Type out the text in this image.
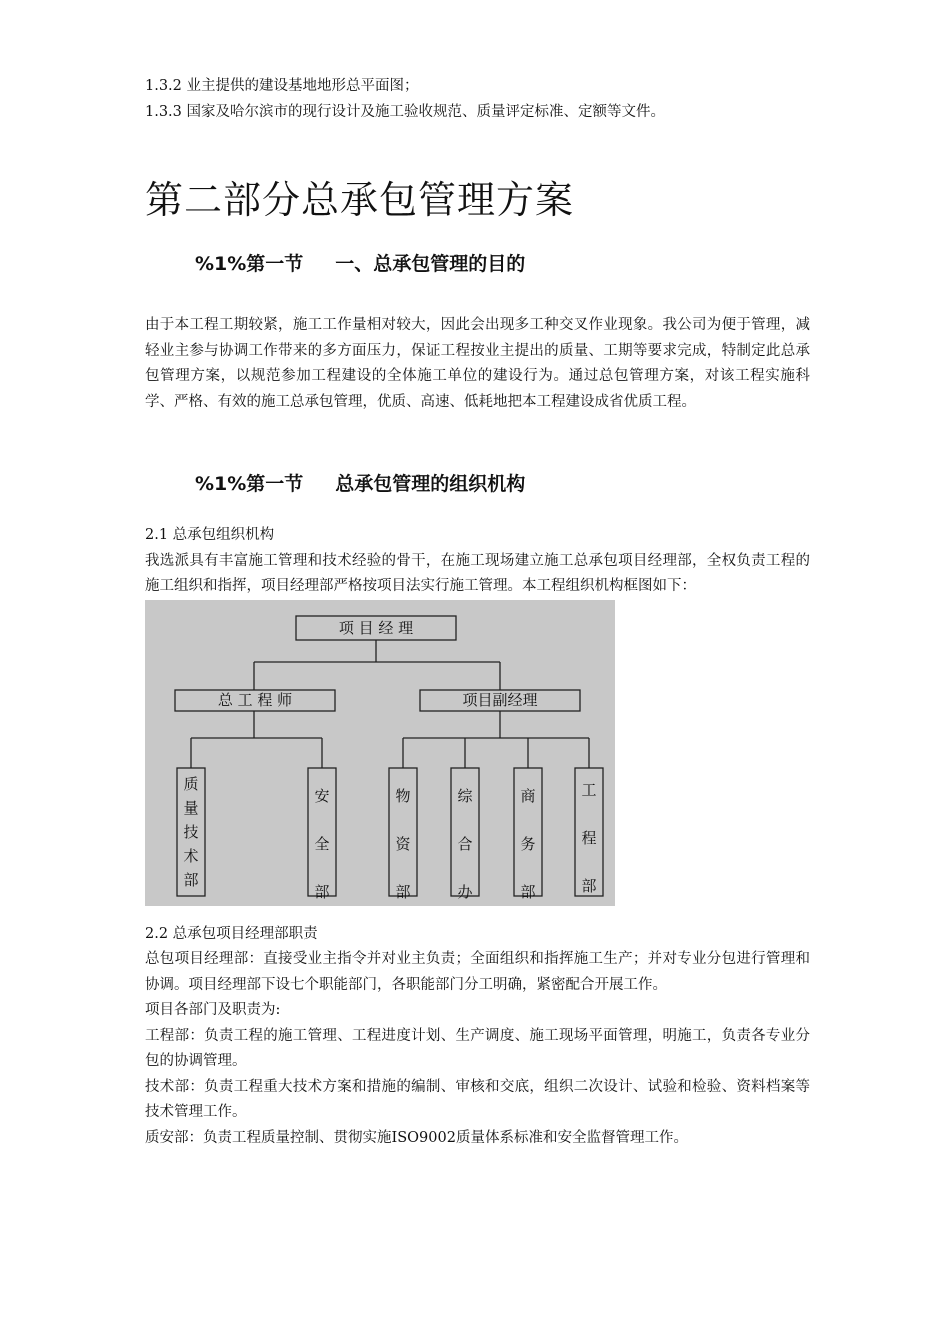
1.3.2 业主提供的建设基地地形总平面图；
1.3.3 国家及哈尔滨市的现行设计及施工验收规范、质量评定标准、定额等文件。
第二部分总承包管理方案
%1%第一节 一、总承包管理的目的
由于本工程工期较紧，施工工作量相对较大，因此会出现多工种交叉作业现象。我公司为便于管理，减轻业主参与协调工作带来的多方面压力，保证工程按业主提出的质量、工期等要求完成，特制定此总承包管理方案，以规范参加工程建设的全体施工单位的建设行为。通过总包管理方案，对该工程实施科学、严格、有效的施工总承包管理，优质、高速、低耗地把本工程建设成省优质工程。
%1%第一节 总承包管理的组织机构
2.1 总承包组织机构
我选派具有丰富施工管理和技术经验的骨干，在施工现场建立施工总承包项目经理部，全权负责工程的施工组织和指挥，项目经理部严格按项目法实行施工管理。本工程组织机构框图如下：
项 目 经 理
总 工 程 师	项目副经理
质
量
技
术
部
安
全
部
物
资
部
综
合
办
商
务
部
工
程
部
2.2 总承包项目经理部职责
总包项目经理部：直接受业主指令并对业主负责；全面组织和指挥施工生产；并对专业分包进行管理和协调。项目经理部下设七个职能部门，各职能部门分工明确，紧密配合开展工作。
项目各部门及职责为:
工程部：负责工程的施工管理、工程进度计划、生产调度、施工现场平面管理，明施工，负责各专业分包的协调管理。
技术部：负责工程重大技术方案和措施的编制、审核和交底，组织二次设计、试验和检验、资料档案等技术管理工作。
质安部：负责工程质量控制、贯彻实施ISO9002质量体系标准和安全监督管理工作。
